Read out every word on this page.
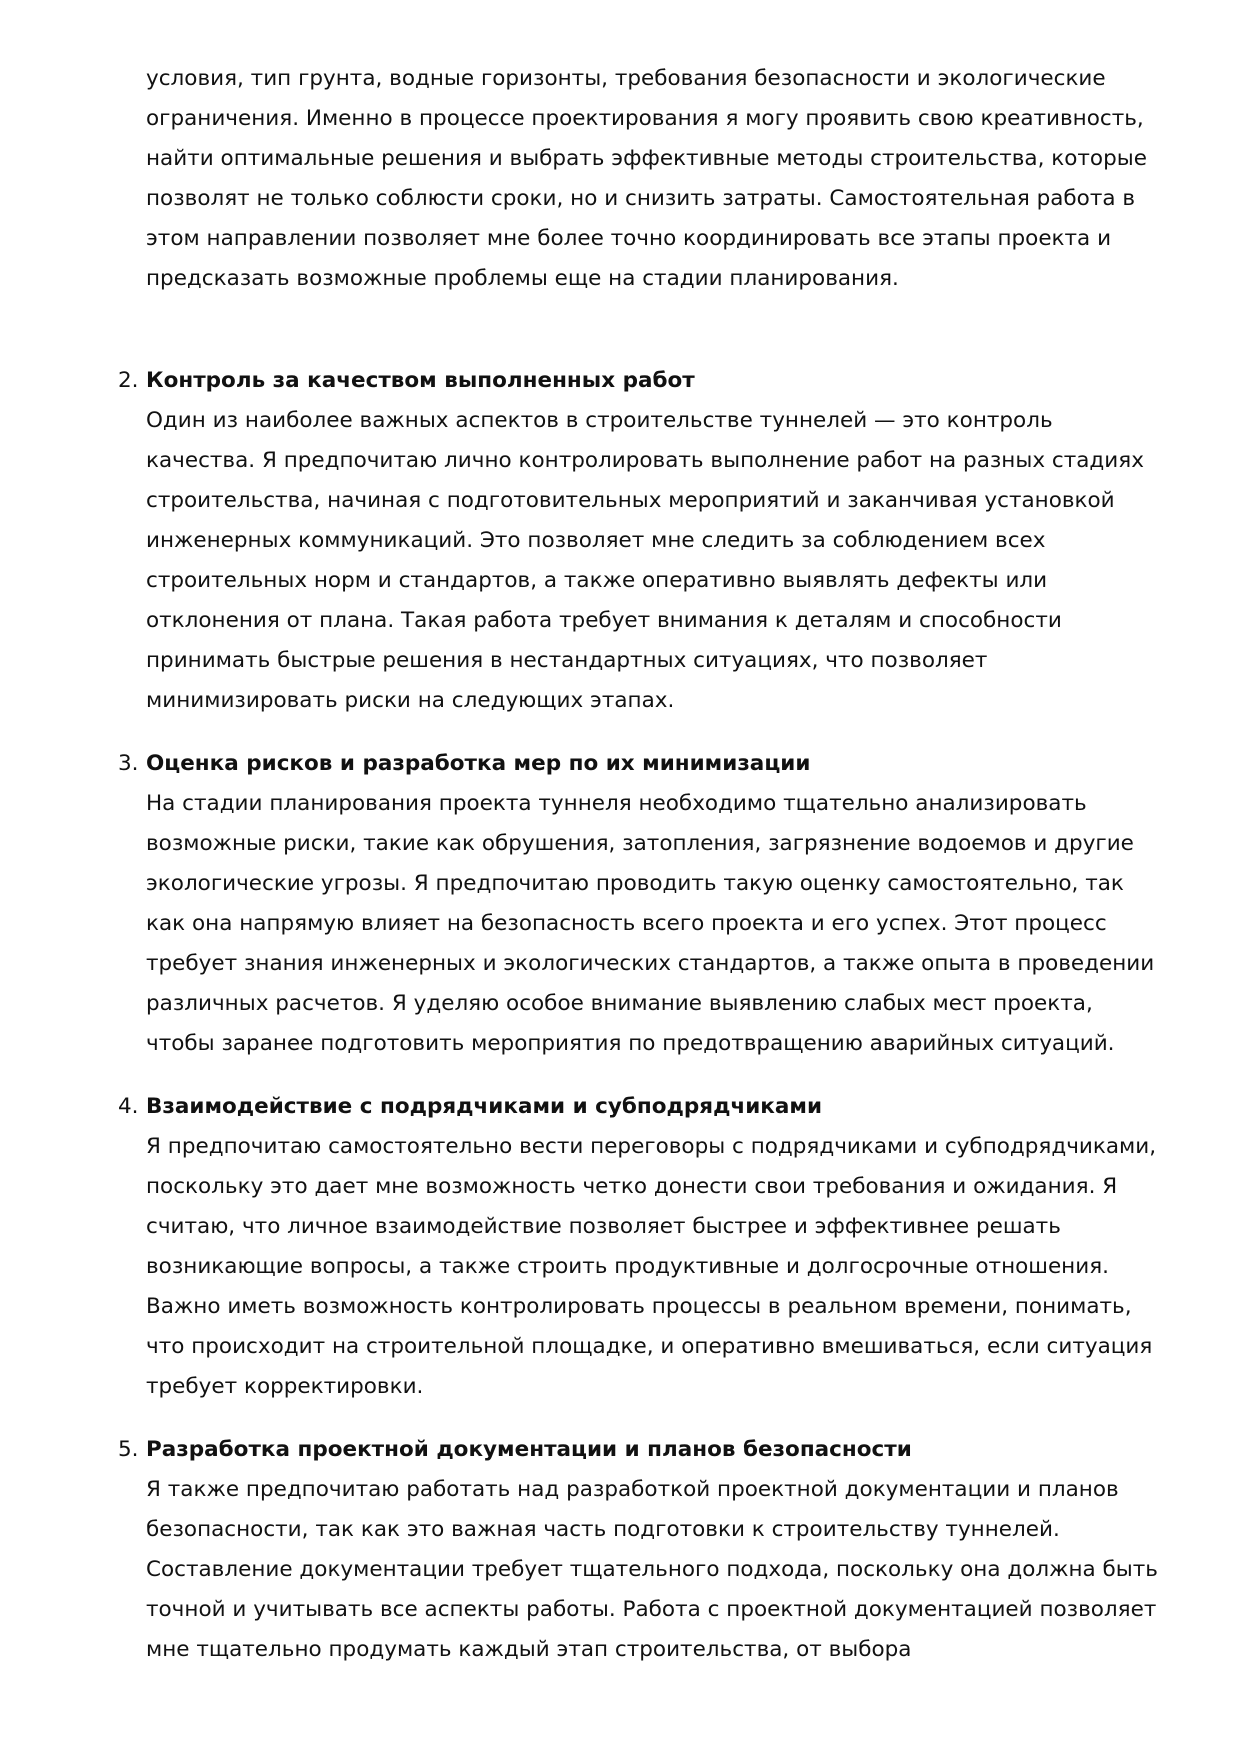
условия, тип грунта, водные горизонты, требования безопасности и экологические ограничения. Именно в процессе проектирования я могу проявить свою креативность, найти оптимальные решения и выбрать эффективные методы строительства, которые позволят не только соблюсти сроки, но и снизить затраты. Самостоятельная работа в этом направлении позволяет мне более точно координировать все этапы проекта и предсказать возможные проблемы еще на стадии планирования.

2. Контроль за качеством выполненных работ
Один из наиболее важных аспектов в строительстве туннелей — это контроль качества. Я предпочитаю лично контролировать выполнение работ на разных стадиях строительства, начиная с подготовительных мероприятий и заканчивая установкой инженерных коммуникаций. Это позволяет мне следить за соблюдением всех строительных норм и стандартов, а также оперативно выявлять дефекты или отклонения от плана. Такая работа требует внимания к деталям и способности принимать быстрые решения в нестандартных ситуациях, что позволяет минимизировать риски на следующих этапах.
3. Оценка рисков и разработка мер по их минимизации
На стадии планирования проекта туннеля необходимо тщательно анализировать возможные риски, такие как обрушения, затопления, загрязнение водоемов и другие экологические угрозы. Я предпочитаю проводить такую оценку самостоятельно, так как она напрямую влияет на безопасность всего проекта и его успех. Этот процесс требует знания инженерных и экологических стандартов, а также опыта в проведении различных расчетов. Я уделяю особое внимание выявлению слабых мест проекта, чтобы заранее подготовить мероприятия по предотвращению аварийных ситуаций.
4. Взаимодействие с подрядчиками и субподрядчиками
Я предпочитаю самостоятельно вести переговоры с подрядчиками и субподрядчиками, поскольку это дает мне возможность четко донести свои требования и ожидания. Я считаю, что личное взаимодействие позволяет быстрее и эффективнее решать возникающие вопросы, а также строить продуктивные и долгосрочные отношения. Важно иметь возможность контролировать процессы в реальном времени, понимать, что происходит на строительной площадке, и оперативно вмешиваться, если ситуация требует корректировки.
5. Разработка проектной документации и планов безопасности
Я также предпочитаю работать над разработкой проектной документации и планов безопасности, так как это важная часть подготовки к строительству туннелей. Составление документации требует тщательного подхода, поскольку она должна быть точной и учитывать все аспекты работы. Работа с проектной документацией позволяет мне тщательно продумать каждый этап строительства, от выбора
